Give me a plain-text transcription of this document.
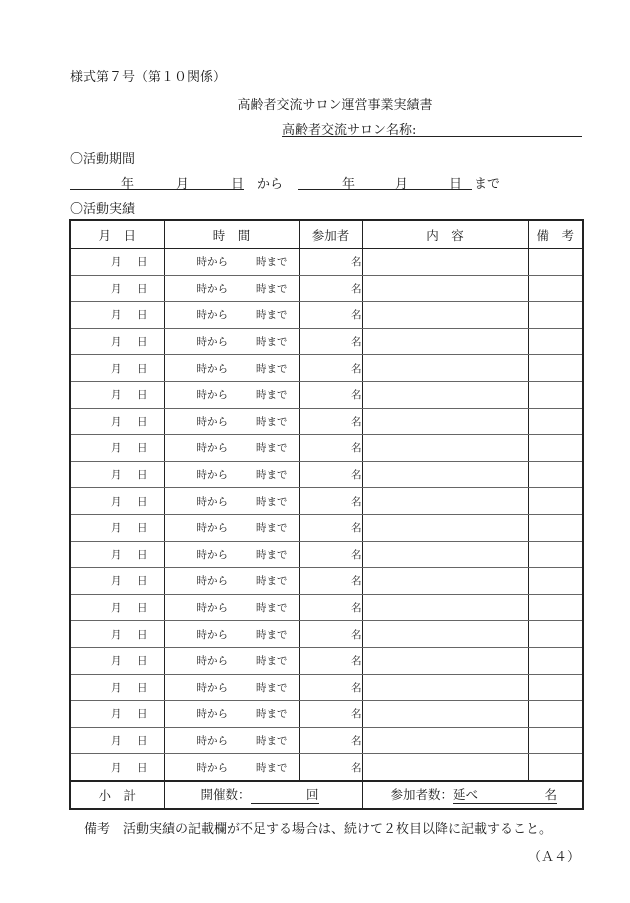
様式第７号（第１０関係）
高齢者交流サロン運営事業実績書
高齢者交流サロン名称:
〇活動期間
年	月	日 から	年	月	日 まで
〇活動実績
月　日	時　間	参加者	内　容	備　考

月 日	時から 時まで	名		

月 日	時から 時まで	名		

月 日	時から 時まで	名		

月 日	時から 時まで	名		

月 日	時から 時まで	名		

月 日	時から 時まで	名		

月 日	時から 時まで	名		

月 日	時から 時まで	名		

月 日	時から 時まで	名		

月 日	時から 時まで	名		

月 日	時から 時まで	名		

月 日	時から 時まで	名		

月 日	時から 時まで	名		

月 日	時から 時まで	名		

月 日	時から 時まで	名		

月 日	時から 時まで	名		

月 日	時から 時まで	名		

月 日	時から 時まで	名		

月 日	時から 時まで	名		

月 日	時から 時まで	名		
小　計	開催数： 回		参加者数：延べ 名	
備考　活動実績の記載欄が不足する場合は、続けて２枚目以降に記載すること。
（Ａ４）
